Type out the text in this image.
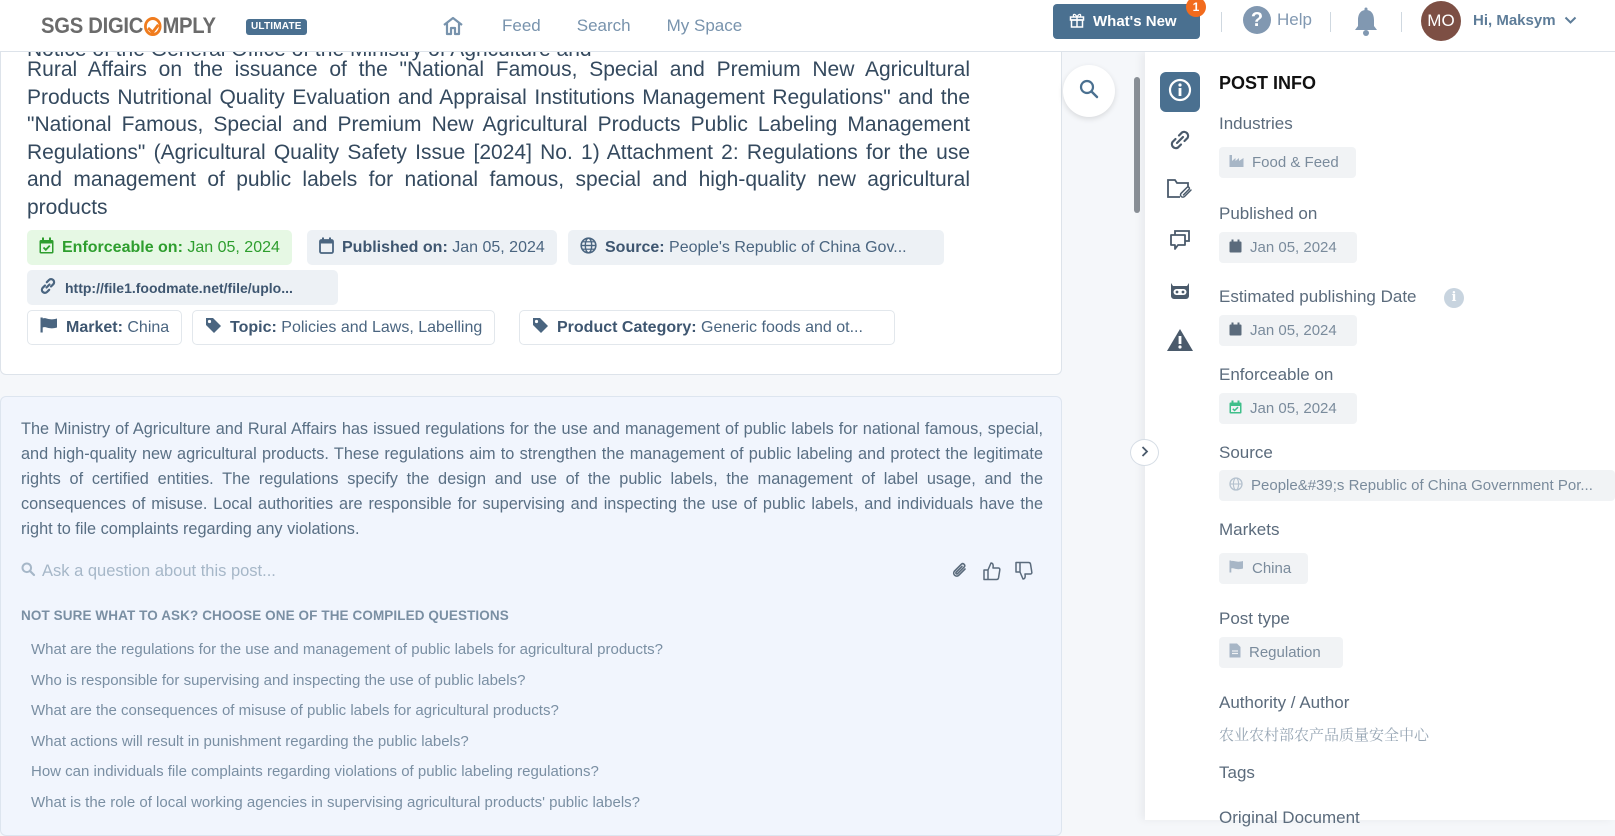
SGS DIGIC MPLY	ULTIMATE	Feed Search My Space	What's New
1
? Help	MO	Hi, Maksym
Rural Affairs on the issuance of the "National Famous, Special and Premium New Agricultural Products Nutritional Quality Evaluation and Appraisal Institutions Management Regulations" and the "National Famous, Special and Premium New Agricultural Products Public Labeling Management Regulations" (Agricultural Quality Safety Issue [2024] No. 1) Attachment 2: Regulations for the use and management of public labels for national famous, special and high-quality new agricultural products
Enforceable on: Jan 05, 2024	Published on: Jan 05, 2024	Source: People's Republic of China Gov...
http://file1.foodmate.net/file/uplo...
Market: China	Topic: Policies and Laws, Labelling	Product Category: Generic foods and ot...
The Ministry of Agriculture and Rural Affairs has issued regulations for the use and management of public labels for national famous, special, and high-quality new agricultural products. These regulations aim to strengthen the management of public labeling and protect the legitimate rights of certified entities. The regulations specify the design and use of the public labels, the management of label usage, and the consequences of misuse. Local authorities are responsible for supervising and inspecting the use of public labels, and individuals have the right to file complaints regarding any violations.
Ask a question about this post...
NOT SURE WHAT TO ASK? CHOOSE ONE OF THE COMPILED QUESTIONS
What are the regulations for the use and management of public labels for agricultural products?
Who is responsible for supervising and inspecting the use of public labels?
What are the consequences of misuse of public labels for agricultural products?
What actions will result in punishment regarding the public labels?
How can individuals file complaints regarding violations of public labeling regulations?
What is the role of local working agencies in supervising agricultural products' public labels?
POST INFO
Industries
Food & Feed
Published on
Jan 05, 2024
Estimated publishing Date	i
Jan 05, 2024
Enforceable on
Jan 05, 2024
Source
People&#39;s Republic of China Government Por...
Markets
China
Post type
Regulation
Authority / Author
农业农村部农产品质量安全中心
Tags
Original Document
